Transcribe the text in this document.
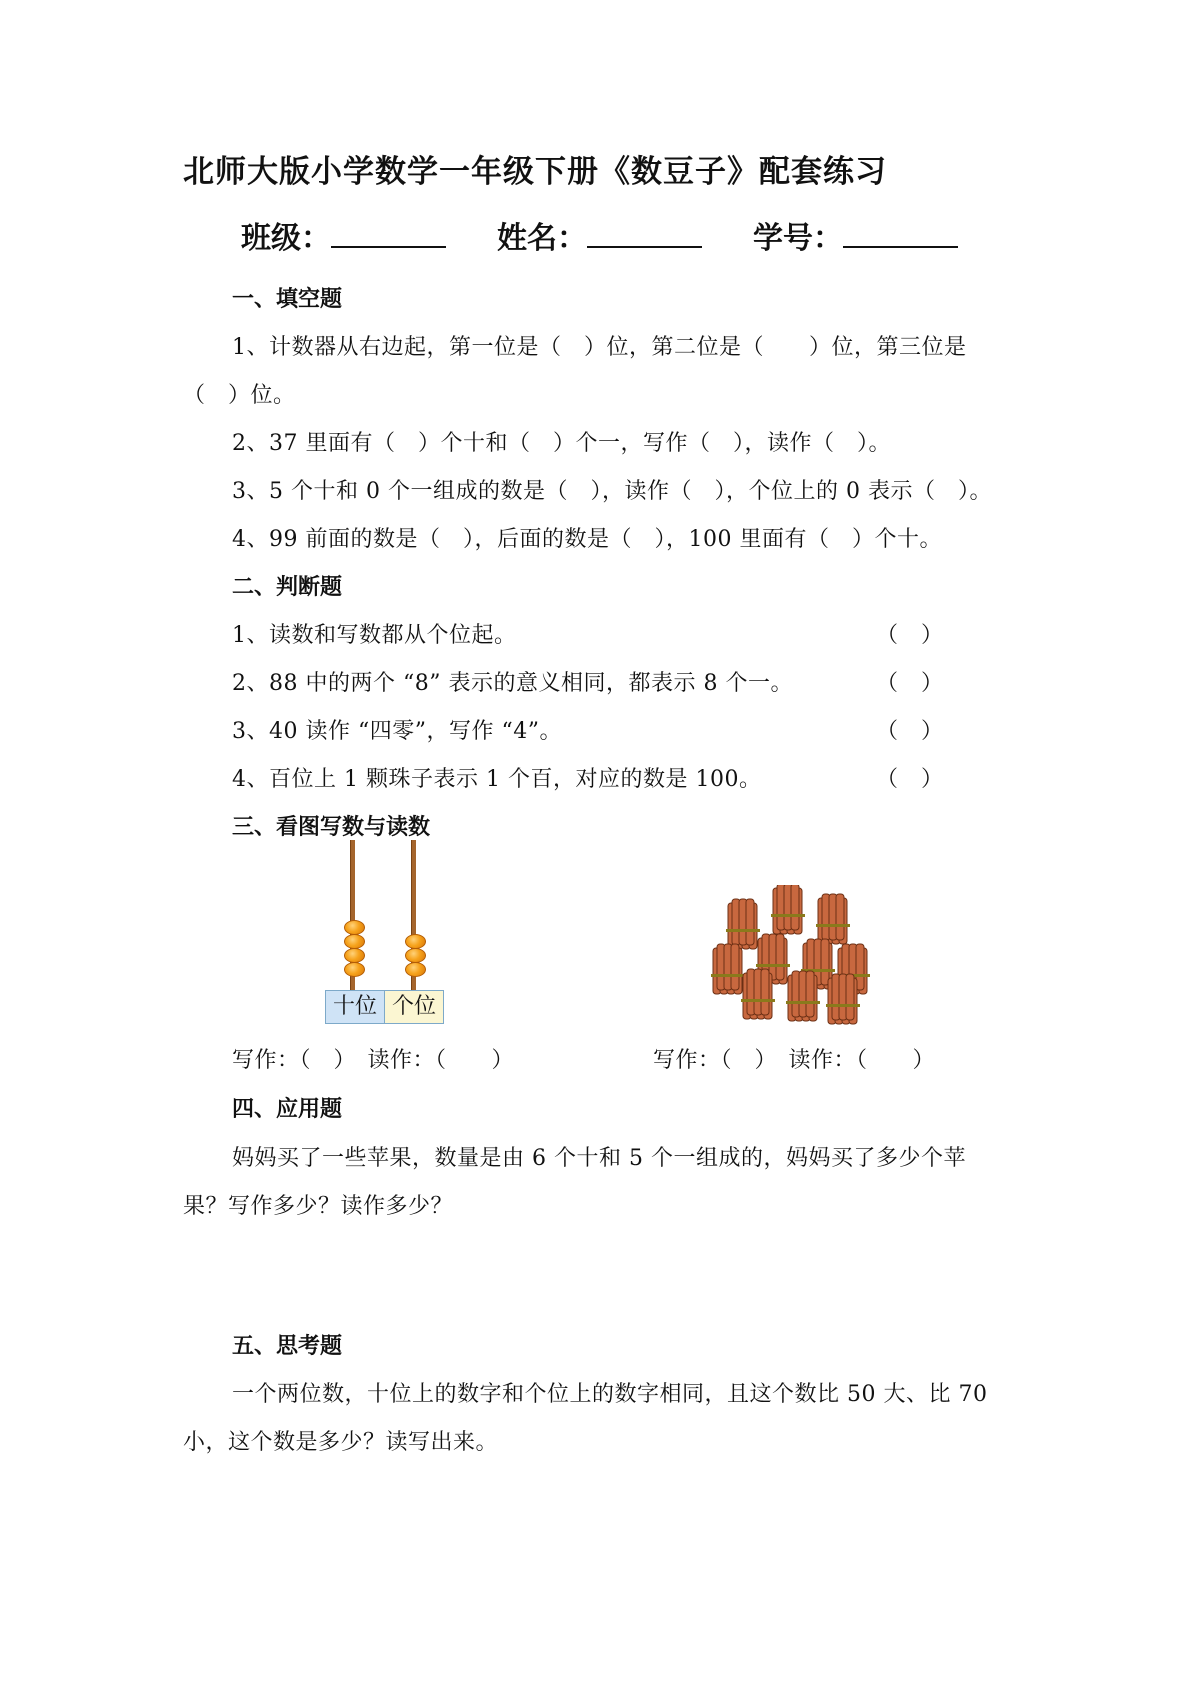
北师大版小学数学一年级下册《数豆子》配套练习
班级：	姓名：	学号：
一、填空题
1、计数器从右边起，第一位是（　）位，第二位是（　　）位，第三位是
（　）位。
2、37 里面有（　）个十和（　）个一，写作（　），读作（　）。
3、5 个十和 0 个一组成的数是（　），读作（　），个位上的 0 表示（　）。
4、99 前面的数是（　），后面的数是（　），100 里面有（　）个十。
二、判断题
1、读数和写数都从个位起。	（　）
2、88 中的两个 “8” 表示的意义相同，都表示 8 个一。	（　）
3、40 读作 “四零”，写作 “4”。	（　）
4、百位上 1 颗珠子表示 1 个百，对应的数是 100。	（　）
三、看图写数与读数
十位 个位
写作：（　）　读作：（　　）	写作：（　）　读作：（　　）
四、应用题
妈妈买了一些苹果，数量是由 6 个十和 5 个一组成的，妈妈买了多少个苹
果？写作多少？读作多少？
五、思考题
一个两位数，十位上的数字和个位上的数字相同，且这个数比 50 大、比 70
小，这个数是多少？读写出来。
